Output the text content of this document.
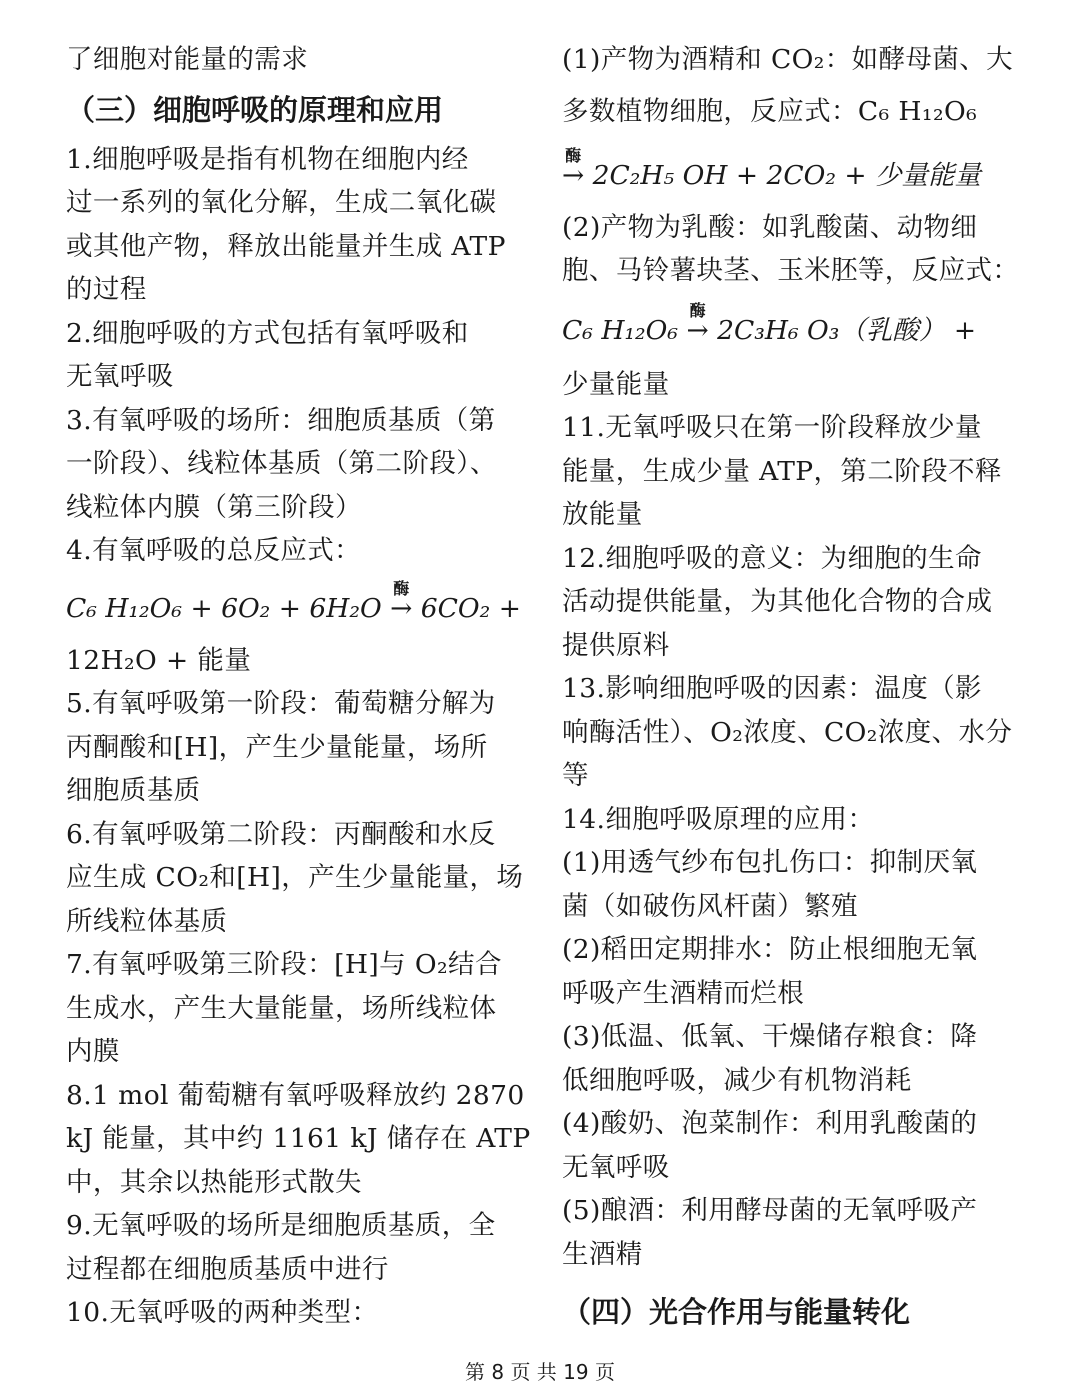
了细胞对能量的需求
（三）细胞呼吸的原理和应用
1.细胞呼吸是指有机物在细胞内经
过一系列的氧化分解，生成二氧化碳
或其他产物，释放出能量并生成 ATP
的过程
2.细胞呼吸的方式包括有氧呼吸和
无氧呼吸
3.有氧呼吸的场所：细胞质基质（第
一阶段）、线粒体基质（第二阶段）、
线粒体内膜（第三阶段）
4.有氧呼吸的总反应式：
C₆ H₁₂O₆ + 6O₂ + 6H₂O
酶
→ 6CO₂ +
12H₂O + 能量
5.有氧呼吸第一阶段：葡萄糖分解为
丙酮酸和[H]，产生少量能量，场所
细胞质基质
6.有氧呼吸第二阶段：丙酮酸和水反
应生成 CO₂和[H]，产生少量能量，场
所线粒体基质
7.有氧呼吸第三阶段：[H]与 O₂结合
生成水，产生大量能量，场所线粒体
内膜
8.1 mol 葡萄糖有氧呼吸释放约 2870
kJ 能量，其中约 1161 kJ 储存在 ATP
中，其余以热能形式散失
9.无氧呼吸的场所是细胞质基质，全
过程都在细胞质基质中进行
10.无氧呼吸的两种类型：
(1)产物为酒精和 CO₂：如酵母菌、大
多数植物细胞，反应式：C₆ H₁₂O₆
酶
→ 2C₂H₅ OH + 2CO₂ + 少量能量
(2)产物为乳酸：如乳酸菌、动物细
胞、马铃薯块茎、玉米胚等，反应式：
C₆ H₁₂O₆
酶
→ 2C₃H₆ O₃（乳酸） +
少量能量
11.无氧呼吸只在第一阶段释放少量
能量，生成少量 ATP，第二阶段不释
放能量
12.细胞呼吸的意义：为细胞的生命
活动提供能量，为其他化合物的合成
提供原料
13.影响细胞呼吸的因素：温度（影
响酶活性）、O₂浓度、CO₂浓度、水分
等
14.细胞呼吸原理的应用：
(1)用透气纱布包扎伤口：抑制厌氧
菌（如破伤风杆菌）繁殖
(2)稻田定期排水：防止根细胞无氧
呼吸产生酒精而烂根
(3)低温、低氧、干燥储存粮食：降
低细胞呼吸，减少有机物消耗
(4)酸奶、泡菜制作：利用乳酸菌的
无氧呼吸
(5)酿酒：利用酵母菌的无氧呼吸产
生酒精
（四）光合作用与能量转化
第 8 页 共 19 页
